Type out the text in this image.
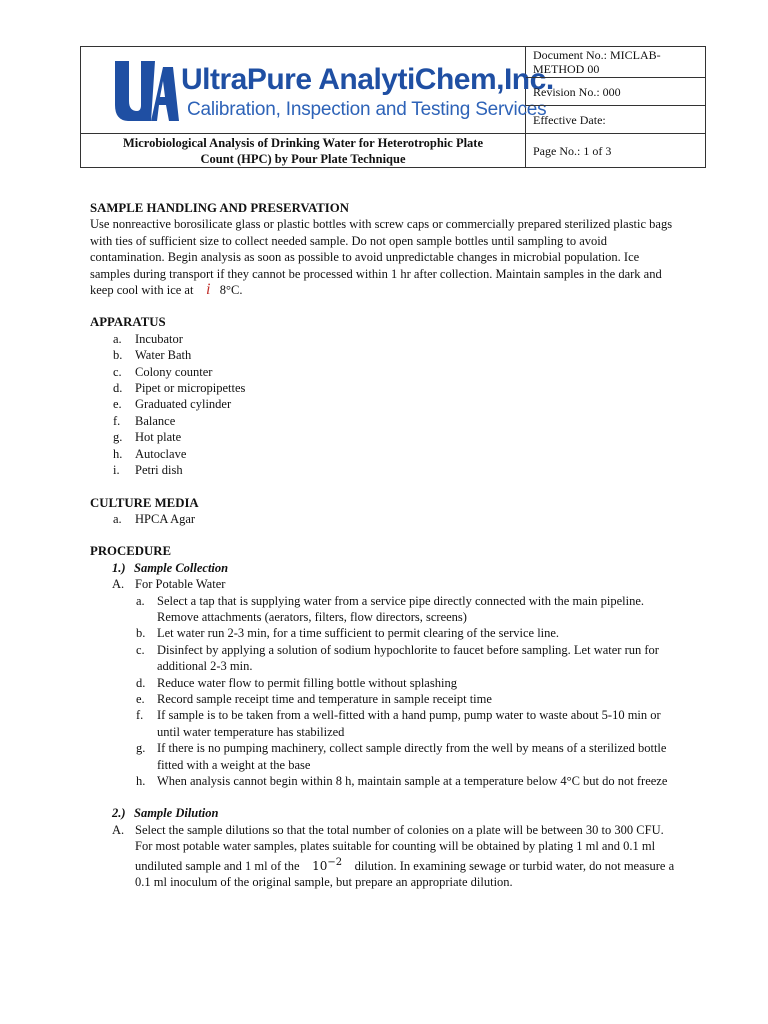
UltraPure AnalytiChem,Inc.
Calibration, Inspection and Testing Services
Microbiological Analysis of Drinking Water for Heterotrophic Plate
Count (HPC) by Pour Plate Technique
Document No.: MICLAB-METHOD 00
Revision No.: 000
Effective Date:
Page No.: 1 of 3

SAMPLE HANDLING AND PRESERVATION

Use nonreactive borosilicate glass or plastic bottles with screw caps or commercially prepared sterilized plastic bags with ties of sufficient size to collect needed sample. Do not open sample bottles until sampling to avoid contamination. Begin analysis as soon as possible to avoid unpredictable changes in microbial population. Ice samples during transport if they cannot be processed within 1 hr after collection. Maintain samples in the dark and keep cool with ice at i 8°C.

APPARATUS

a. Incubator
b. Water Bath
c. Colony counter
d. Pipet or micropipettes
e. Graduated cylinder
f. Balance
g. Hot plate
h. Autoclave
i. Petri dish

CULTURE MEDIA

a. HPCA Agar

PROCEDURE

1.) Sample Collection
A. For Potable Water
a. Select a tap that is supplying water from a service pipe directly connected with the main pipeline. Remove attachments (aerators, filters, flow directors, screens)
b. Let water run 2-3 min, for a time sufficient to permit clearing of the service line.
c. Disinfect by applying a solution of sodium hypochlorite to faucet before sampling. Let water run for additional 2-3 min.
d. Reduce water flow to permit filling bottle without splashing
e. Record sample receipt time and temperature in sample receipt time
f. If sample is to be taken from a well-fitted with a hand pump, pump water to waste about 5-10 min or until water temperature has stabilized
g. If there is no pumping machinery, collect sample directly from the well by means of a sterilized bottle fitted with a weight at the base
h. When analysis cannot begin within 8 h, maintain sample at a temperature below 4°C but do not freeze
2.) Sample Dilution
A. Select the sample dilutions so that the total number of colonies on a plate will be between 30 to 300 CFU. For most potable water samples, plates suitable for counting will be obtained by plating 1 ml and 0.1 ml undiluted sample and 1 ml of the $10^{-2}$ dilution. In examining sewage or turbid water, do not measure a 0.1 ml inoculum of the original sample, but prepare an appropriate dilution.
